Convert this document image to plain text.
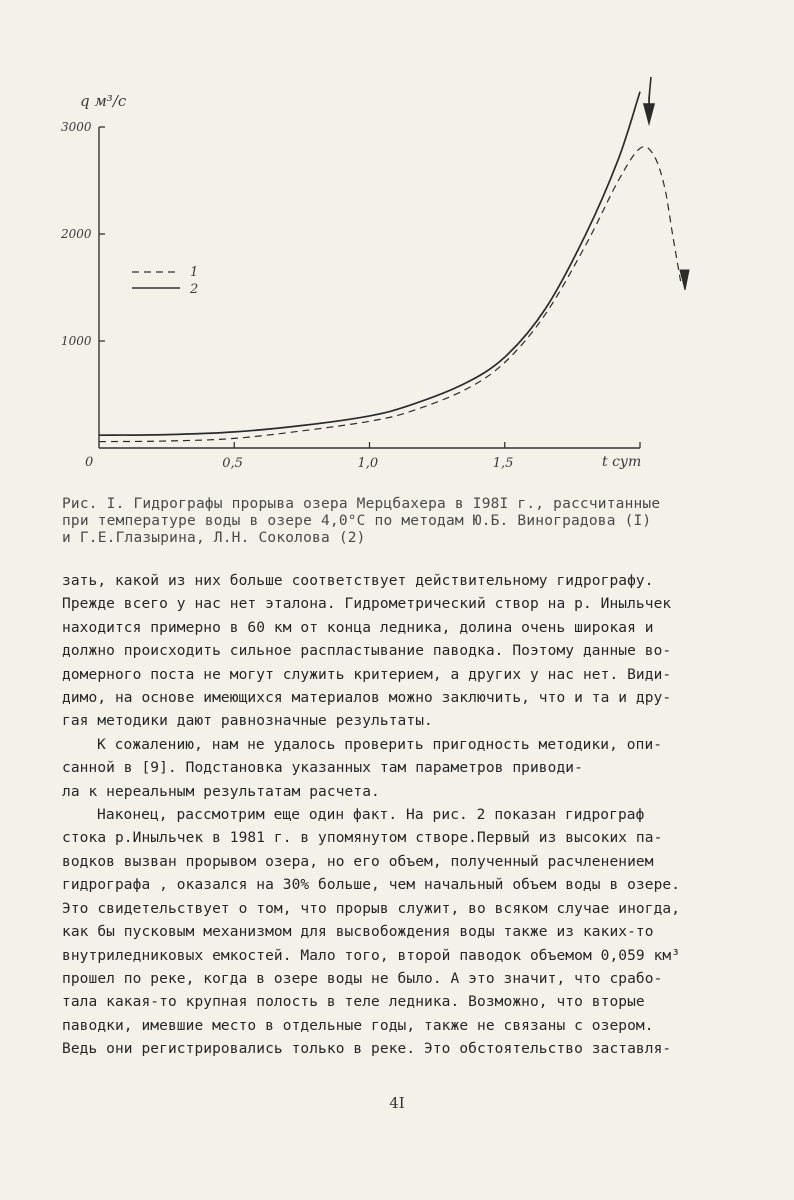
q м³/с
t сут
0	0,5	1,0	1,5
1000
2000
3000
1
2
Рис. I. Гидрографы прорыва озера Мерцбахера в I98I г., рассчитанные
при температуре воды в озере 4,0°С по методам Ю.Б. Виноградова (I)
и Г.Е.Глазырина, Л.Н. Соколова (2)
зать, какой из них больше соответствует действительному гидрографу.
Прежде всего у нас нет эталона. Гидрометрический створ на р. Иныльчек
находится примерно в 60 км от конца ледника, долина очень широкая и
должно происходить сильное распластывание паводка. Поэтому данные во-
домерного поста не могут служить критерием, а других у нас нет. Види-
димо, на основе имеющихся материалов можно заключить, что и та и дру-
гая методики дают равнозначные результаты.
К сожалению, нам не удалось проверить пригодность методики, опи-
санной в [9]. Подстановка указанных там параметров приводи-
ла к нереальным результатам расчета.
Наконец, рассмотрим еще один факт. На рис. 2 показан гидрограф
стока р.Иныльчек в 1981 г. в упомянутом створе.Первый из высоких па-
водков вызван прорывом озера, но его объем, полученный расчленением
гидрографа , оказался на 30% больше, чем начальный объем воды в озере.
Это свидетельствует о том, что прорыв служит, во всяком случае иногда,
как бы пусковым механизмом для высвобождения воды также из каких-то
внутриледниковых емкостей. Мало того, второй паводок объемом 0,059 км³
прошел по реке, когда в озере воды не было. А это значит, что срабо-
тала какая-то крупная полость в теле ледника. Возможно, что вторые
паводки, имевшие место в отдельные годы, также не связаны с озером.
Ведь они регистрировались только в реке. Это обстоятельство заставля-
4I
